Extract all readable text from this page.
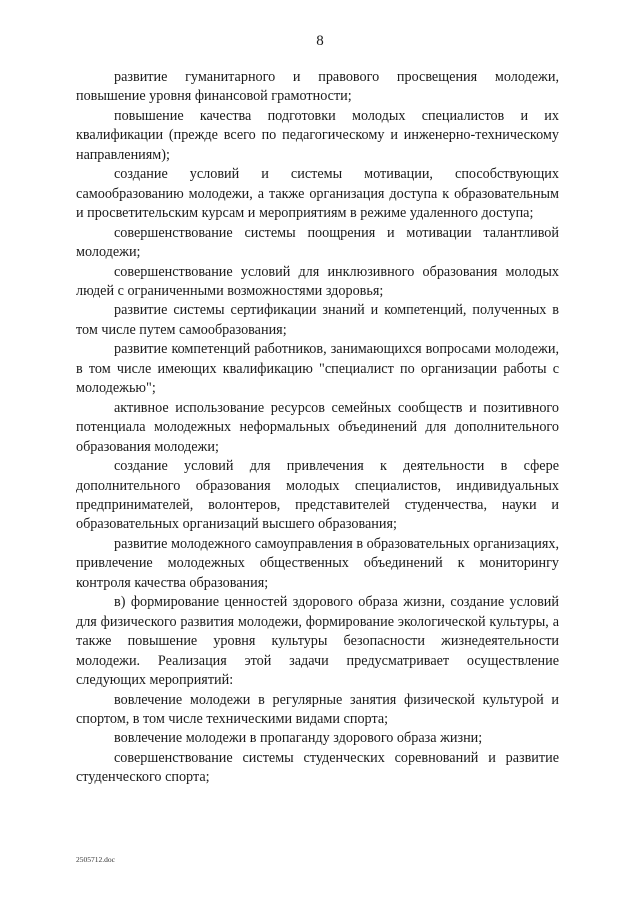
8

развитие гуманитарного и правового просвещения молодежи, повышение уровня финансовой грамотности;

повышение качества подготовки молодых специалистов и их квалификации (прежде всего по педагогическому и инженерно-техническому направлениям);

создание условий и системы мотивации, способствующих самообразованию молодежи, а также организация доступа к образовательным и просветительским курсам и мероприятиям в режиме удаленного доступа;

совершенствование системы поощрения и мотивации талантливой молодежи;

совершенствование условий для инклюзивного образования молодых людей с ограниченными возможностями здоровья;

развитие системы сертификации знаний и компетенций, полученных в том числе путем самообразования;

развитие компетенций работников, занимающихся вопросами молодежи, в том числе имеющих квалификацию "специалист по организации работы с молодежью";

активное использование ресурсов семейных сообществ и позитивного потенциала молодежных неформальных объединений для дополнительного образования молодежи;

создание условий для привлечения к деятельности в сфере дополнительного образования молодых специалистов, индивидуальных предпринимателей, волонтеров, представителей студенчества, науки и образовательных организаций высшего образования;

развитие молодежного самоуправления в образовательных организациях, привлечение молодежных общественных объединений к мониторингу контроля качества образования;

в) формирование ценностей здорового образа жизни, создание условий для физического развития молодежи, формирование экологической культуры, а также повышение уровня культуры безопасности жизнедеятельности молодежи. Реализация этой задачи предусматривает осуществление следующих мероприятий:

вовлечение молодежи в регулярные занятия физической культурой и спортом, в том числе техническими видами спорта;

вовлечение молодежи в пропаганду здорового образа жизни;

совершенствование системы студенческих соревнований и развитие студенческого спорта;

2505712.doc
